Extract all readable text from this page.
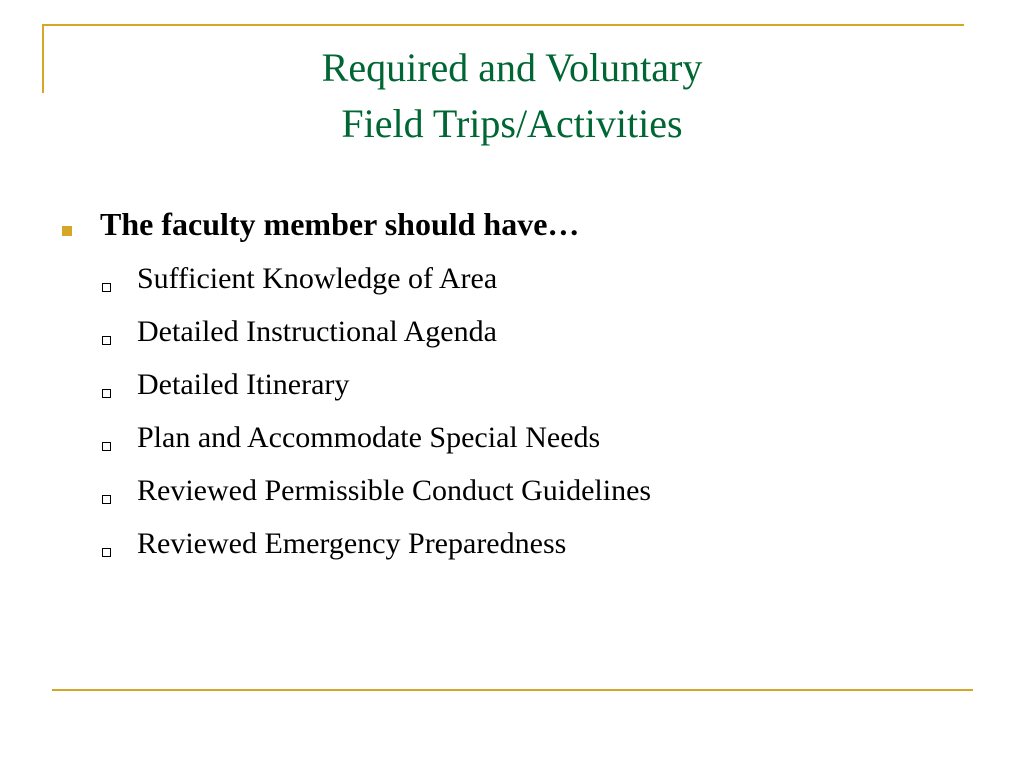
Required and Voluntary
Field Trips/Activities
The faculty member should have…
Sufficient Knowledge of Area
Detailed Instructional Agenda
Detailed Itinerary
Plan and Accommodate Special Needs
Reviewed Permissible Conduct Guidelines
Reviewed Emergency Preparedness
